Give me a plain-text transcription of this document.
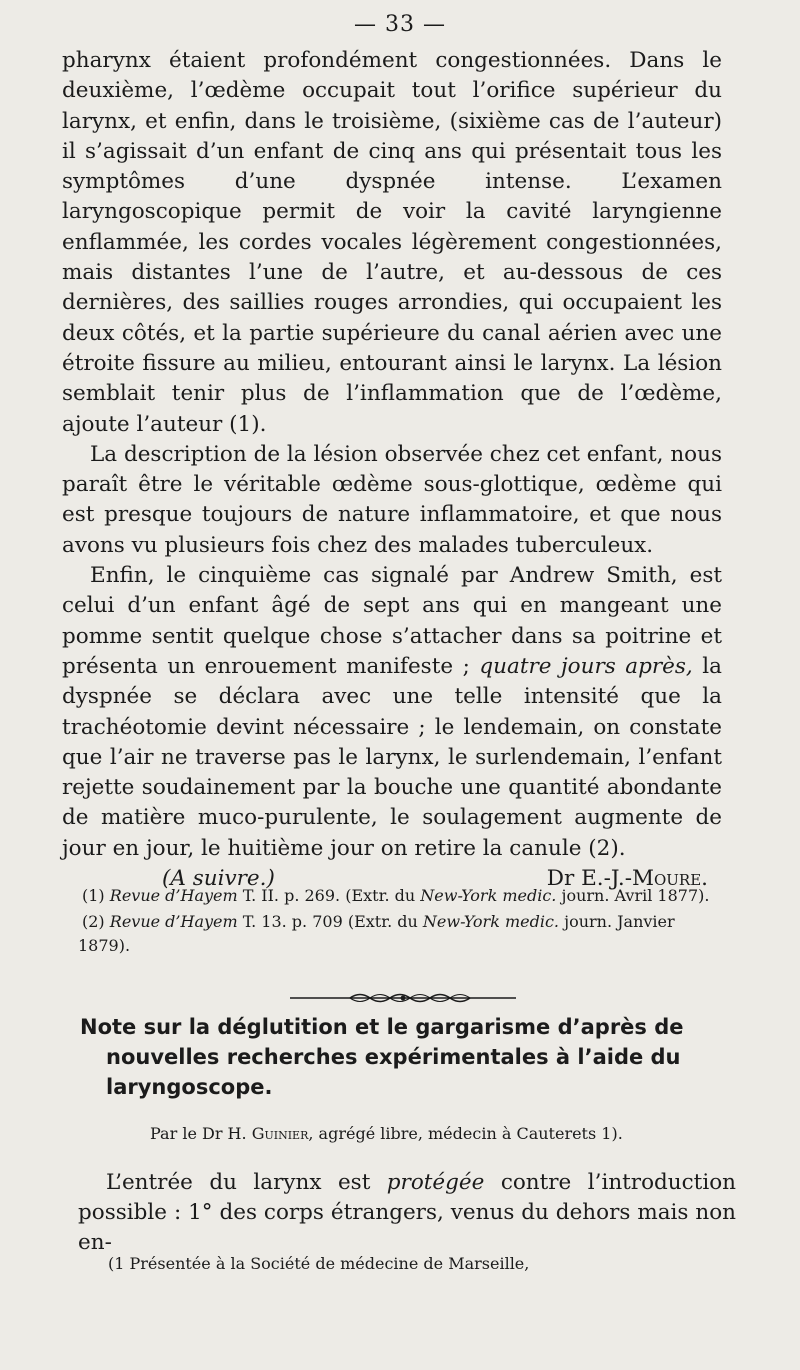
— 33 —

pharynx étaient profondément congestionnées. Dans le deuxième, l’œdème occupait tout l’orifice supérieur du larynx, et enfin, dans le troisième, (sixième cas de l’auteur) il s’agissait d’un enfant de cinq ans qui présentait tous les symptômes d’une dyspnée intense. L’examen laryngoscopique permit de voir la cavité laryngienne enflammée, les cordes vocales légèrement congestionnées, mais distantes l’une de l’autre, et au-dessous de ces dernières, des saillies rouges arrondies, qui occupaient les deux côtés, et la partie supérieure du canal aérien avec une étroite fissure au milieu, entourant ainsi le larynx. La lésion semblait tenir plus de l’inflammation que de l’œdème, ajoute l’auteur (1).

La description de la lésion observée chez cet enfant, nous paraît être le véritable œdème sous-glottique, œdème qui est presque toujours de nature inflammatoire, et que nous avons vu plusieurs fois chez des malades tuberculeux.

Enfin, le cinquième cas signalé par Andrew Smith, est celui d’un enfant âgé de sept ans qui en mangeant une pomme sentit quelque chose s’attacher dans sa poitrine et présenta un enrouement manifeste ; quatre jours après, la dyspnée se déclara avec une telle intensité que la trachéotomie devint nécessaire ; le lendemain, on constate que l’air ne traverse pas le larynx, le surlendemain, l’enfant rejette soudainement par la bouche une quantité abondante de matière muco-purulente, le soulagement augmente de jour en jour, le huitième jour on retire la canule (2).

(A suivre.)	Dr E.-J.-Moure.

(1) Revue d’Hayem T. II. p. 269. (Extr. du New-York medic. journ. Avril 1877).

(2) Revue d’Hayem T. 13. p. 709 (Extr. du New-York medic. journ. Janvier 1879).

Note sur la déglutition et le gargarisme d’après de
nouvelles recherches expérimentales à l’aide du
laryngoscope.
Par le Dr H. Guinier, agrégé libre, médecin à Cauterets 1).

L’entrée du larynx est protégée contre l’introduction possible : 1° des corps étrangers, venus du dehors mais non en-

(1 Présentée à la Société de médecine de Marseille,
